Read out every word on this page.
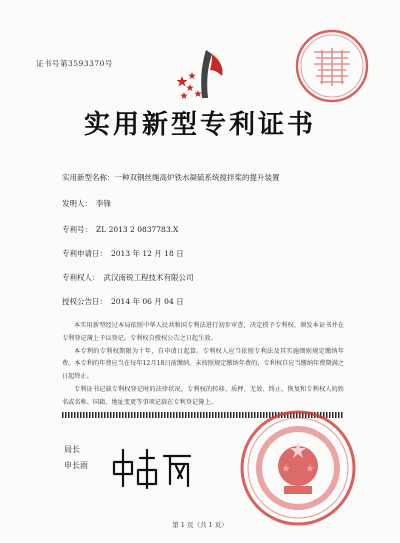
证书号第3593370号
实用新型专利证书
实用新型名称：一种双钢丝绳高炉铁水凝硫系统搅拌桨的提升装置
发明人： 李锋
专利号： ZL 2013 2 0837783.X
专利申请日： 2013 年 12 月 18 日
专利权人： 武汉南锐工程技术有限公司
授权公告日： 2014 年 06 月 04 日

本实用新型经过本局依照中华人民共和国专利法进行初步审查，决定授予专利权，颁发本证书并在专利登记簿上予以登记。专利权自授权公告之日起生效。

本专利的专利权期限为十年，自申请日起算。专利权人应当依照专利法及其实施细则规定缴纳年费。本专利的年费应当在每年12月18日前缴纳。未按照规定缴纳年费的，专利权自应当缴纳年费期满之日起终止。

专利证书记载专利权登记时的法律状况。专利权的转移、质押、无效、终止、恢复和专利权人的姓名或名称、国籍、地址变更等事项记载在专利登记簿上。

局长
申长雨
第 1 页（共 1 页）
